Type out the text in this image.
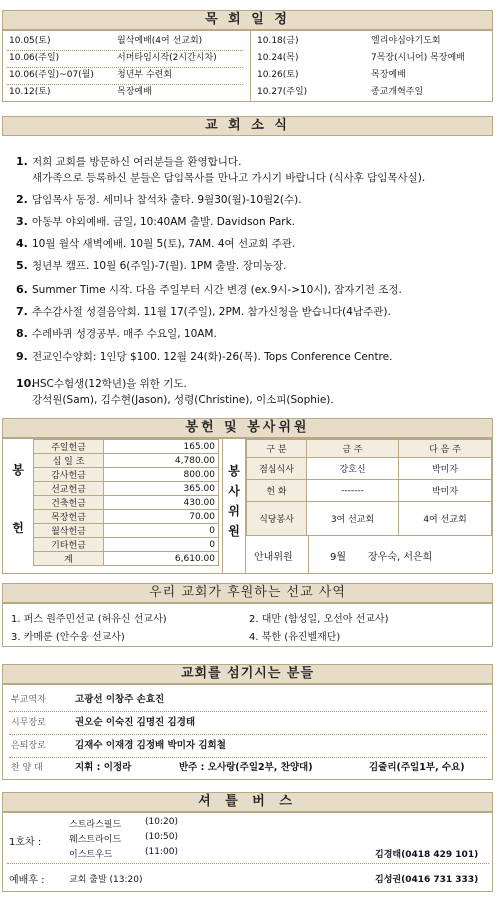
목 회 일 정
10.05(토)	월삭예배(4여 선교회)
10.06(주일)	서머타임시작(2시간시차)
10.06(주일)~07(월)	청년부 수련회
10.12(토)	목장예배
10.18(금)	엘리야심야기도회
10.24(목)	7목장(시니어) 목장예배
10.26(토)	목장예배
10.27(주일)	종교개혁주일
교 회 소 식
1. 저희 교회를 방문하신 여러분들을 환영합니다.
새가족으로 등록하신 분들은 담임목사를 만나고 가시기 바랍니다 (식사후 담임목사실).
2. 담임목사 동정. 세미나 참석차 출타. 9월30(월)-10월2(수).
3. 아동부 야외예배. 금일, 10:40AM 출발. Davidson Park.
4. 10월 월삭 새벽예배. 10월 5(토), 7AM. 4여 선교회 주관.
5. 청년부 캠프. 10월 6(주일)-7(월). 1PM 출발. 장미농장.
6. Summer Time 시작. 다음 주일부터 시간 변경 (ex.9시->10시), 잠자기전 조정.
7. 추수감사절 성결음악회. 11월 17(주일), 2PM. 참가신청을 받습니다(4남주관).
8. 수레바퀴 성경공부. 매주 수요일, 10AM.
9. 전교인수양회: 1인당 $100. 12월 24(화)-26(목). Tops Conference Centre.
10.HSC수험생(12학년)을 위한 기도.
강석원(Sam), 김수현(Jason), 성령(Christine), 이소피(Sophie).
봉헌 및 봉사위원
봉
헌
주일헌금	165.00
십 일 조	4,780.00
감사헌금	800.00
선교헌금	365.00
건축헌금	430.00
목장헌금	70.00
월삭헌금	0
기타헌금	0
계	6,610.00
봉
사
위
원
구 분	금 주	다 음 주
점심식사	강호신	박미자
헌 화	-------	박미자
식당봉사	3여 선교회	4여 선교회
안내위원	9월 장우숙, 서은희
우리 교회가 후원하는 선교 사역
1. 퍼스 원주민선교 (허유신 선교사)	2. 대만 (함성일, 오선아 선교사)
3. 카메룬 (안수웅 선교사)	4. 북한 (유진벨재단)
교회를 섬기시는 분들
부교역자	고광선 이창주 손효진
시무장로	권오순 이숙진 김명진 김경태
은퇴장로	김재수 이재경 김정배 박미자 김희철
찬 양 대	지휘 : 이정라	반주 : 오사랑(주일2부, 찬양대)	김줄리(주일1부, 수요)
셔 틀 버 스
1호차 :
스트라스필드	(10:20)
웨스트라이드	(10:50)
이스트우드	(11:00)	김경태(0418 429 101)
예배후 :	교회 출발 (13:20)	김성권(0416 731 333)
